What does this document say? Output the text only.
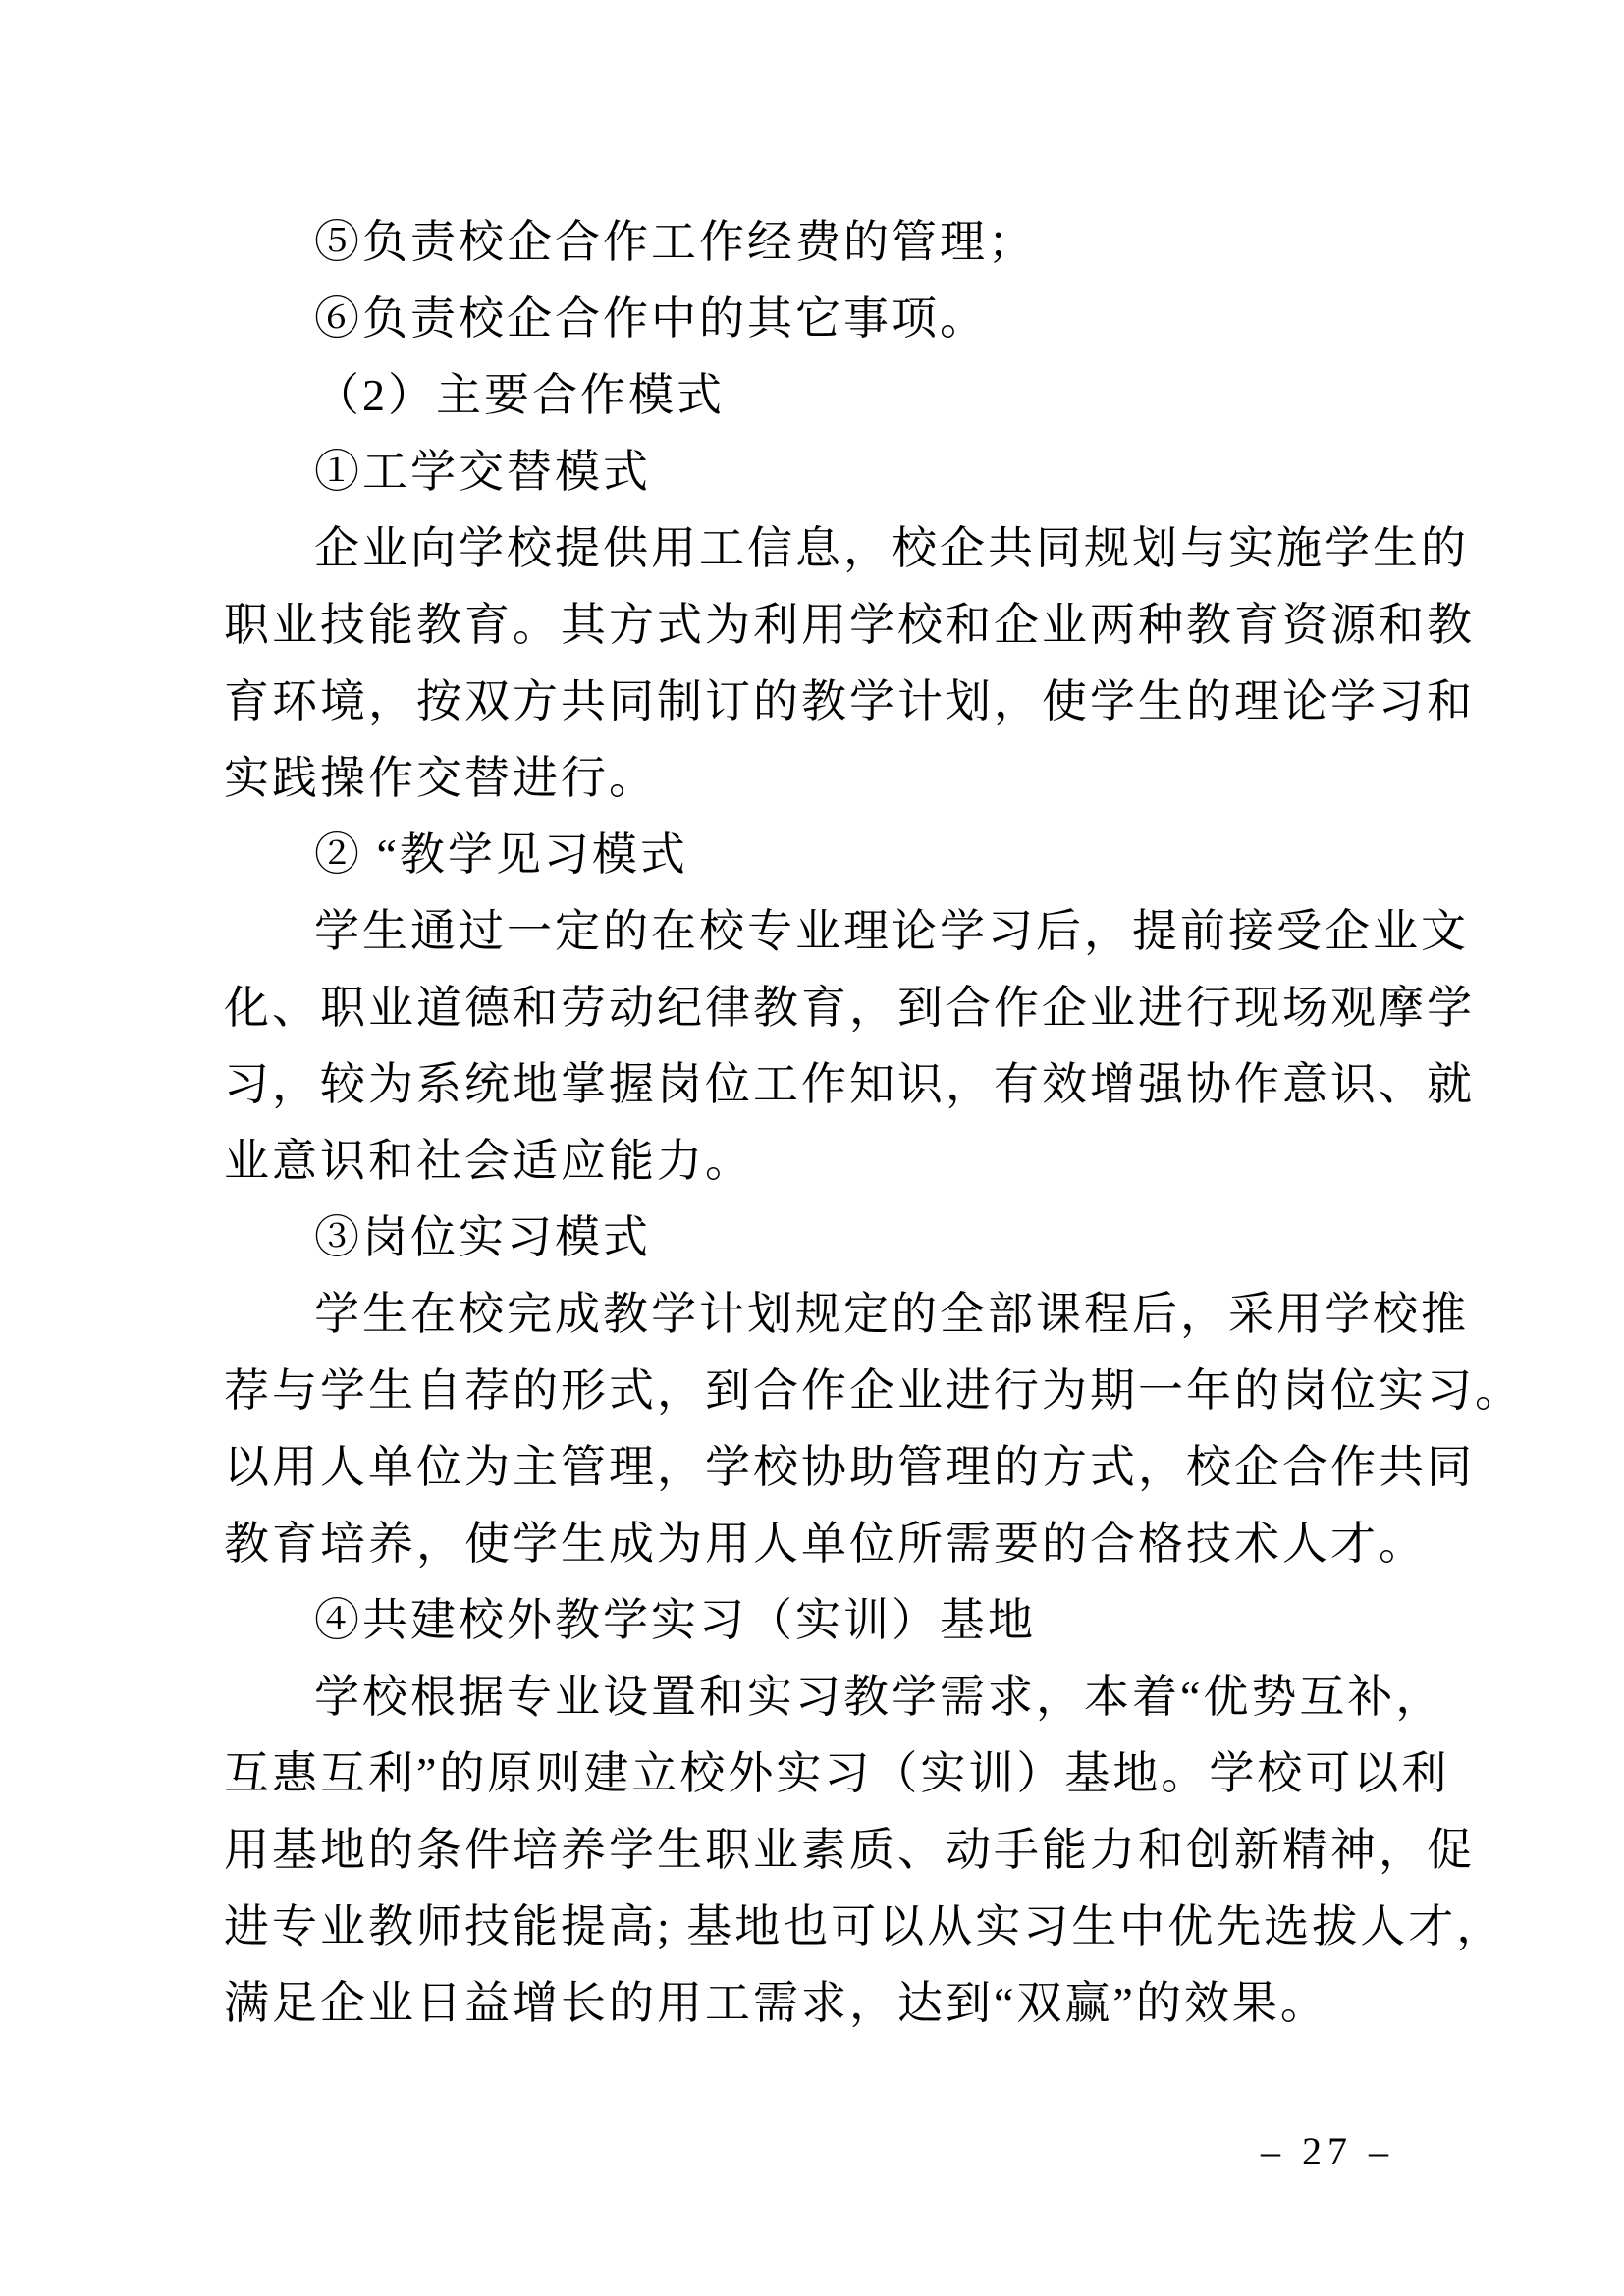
⑤负责校企合作工作经费的管理；
⑥负责校企合作中的其它事项。
（2）主要合作模式
①工学交替模式
企业向学校提供用工信息，校企共同规划与实施学生的
职业技能教育。其方式为利用学校和企业两种教育资源和教
育环境，按双方共同制订的教学计划，使学生的理论学习和
实践操作交替进行。
② “教学见习模式
学生通过一定的在校专业理论学习后，提前接受企业文
化、职业道德和劳动纪律教育，到合作企业进行现场观摩学
习，较为系统地掌握岗位工作知识，有效增强协作意识、就
业意识和社会适应能力。
③岗位实习模式
学生在校完成教学计划规定的全部课程后，采用学校推
荐与学生自荐的形式，到合作企业进行为期一年的岗位实习。
以用人单位为主管理，学校协助管理的方式，校企合作共同
教育培养，使学生成为用人单位所需要的合格技术人才。
④共建校外教学实习（实训）基地
学校根据专业设置和实习教学需求，本着“优势互补，
互惠互利”的原则建立校外实习（实训）基地。学校可以利
用基地的条件培养学生职业素质、动手能力和创新精神，促
进专业教师技能提高; 基地也可以从实习生中优先选拔人才，
满足企业日益增长的用工需求，达到“双赢”的效果。
– 27 –
